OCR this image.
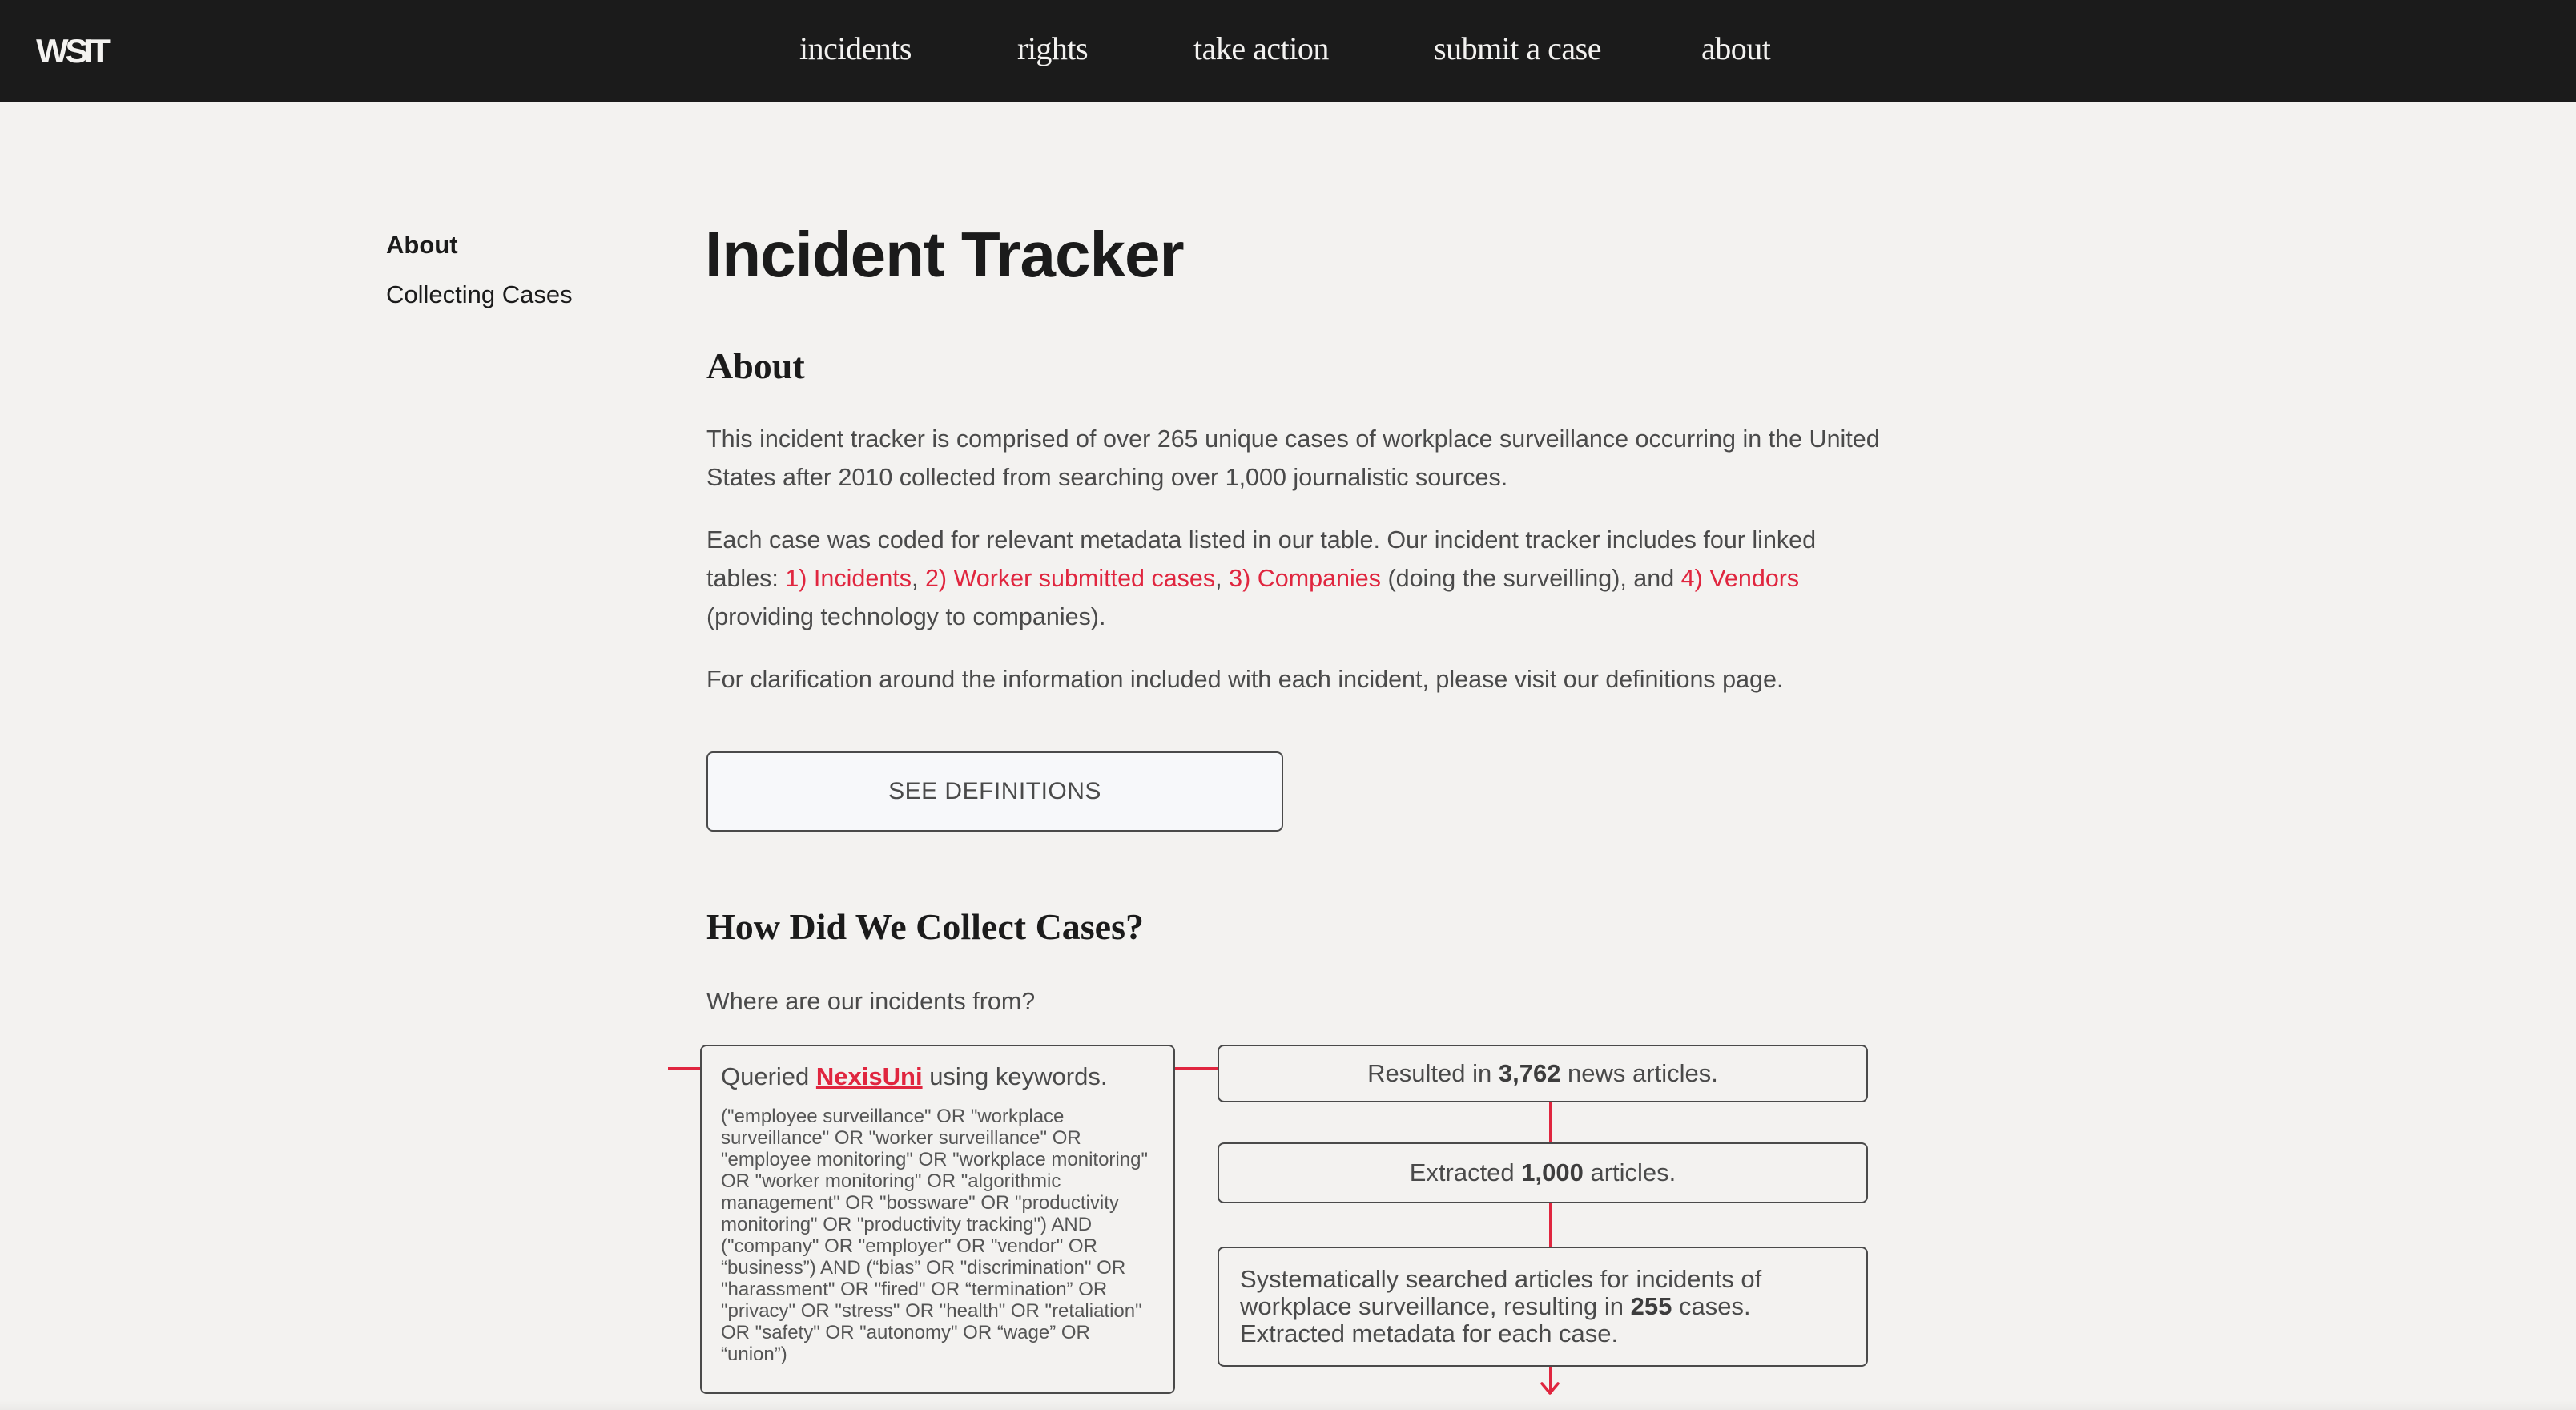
WSIT	incidents	rights	take action	submit a case	about
About
Collecting Cases
Incident Tracker
About

This incident tracker is comprised of over 265 unique cases of workplace surveillance occurring in the United States after 2010 collected from searching over 1,000 journalistic sources.

Each case was coded for relevant metadata listed in our table. Our incident tracker includes four linked tables: 1) Incidents, 2) Worker submitted cases, 3) Companies (doing the surveilling), and 4) Vendors (providing technology to companies).

For clarification around the information included with each incident, please visit our definitions page.

SEE DEFINITIONS
How Did We Collect Cases?

Where are our incidents from?

Queried NexisUni using keywords.
("employee surveillance" OR "workplace surveillance" OR "worker surveillance" OR "employee monitoring" OR "workplace monitoring" OR "worker monitoring" OR "algorithmic management" OR "bossware" OR "productivity monitoring" OR "productivity tracking") AND ("company" OR "employer" OR "vendor" OR “business”) AND (“bias” OR "discrimination" OR "harassment" OR "fired" OR “termination” OR "privacy" OR "stress" OR "health" OR "retaliation" OR "safety" OR "autonomy" OR “wage” OR “union”)
Resulted in 3,762 news articles.
Extracted 1,000 articles.
Systematically searched articles for incidents of workplace surveillance, resulting in 255 cases. Extracted metadata for each case.
